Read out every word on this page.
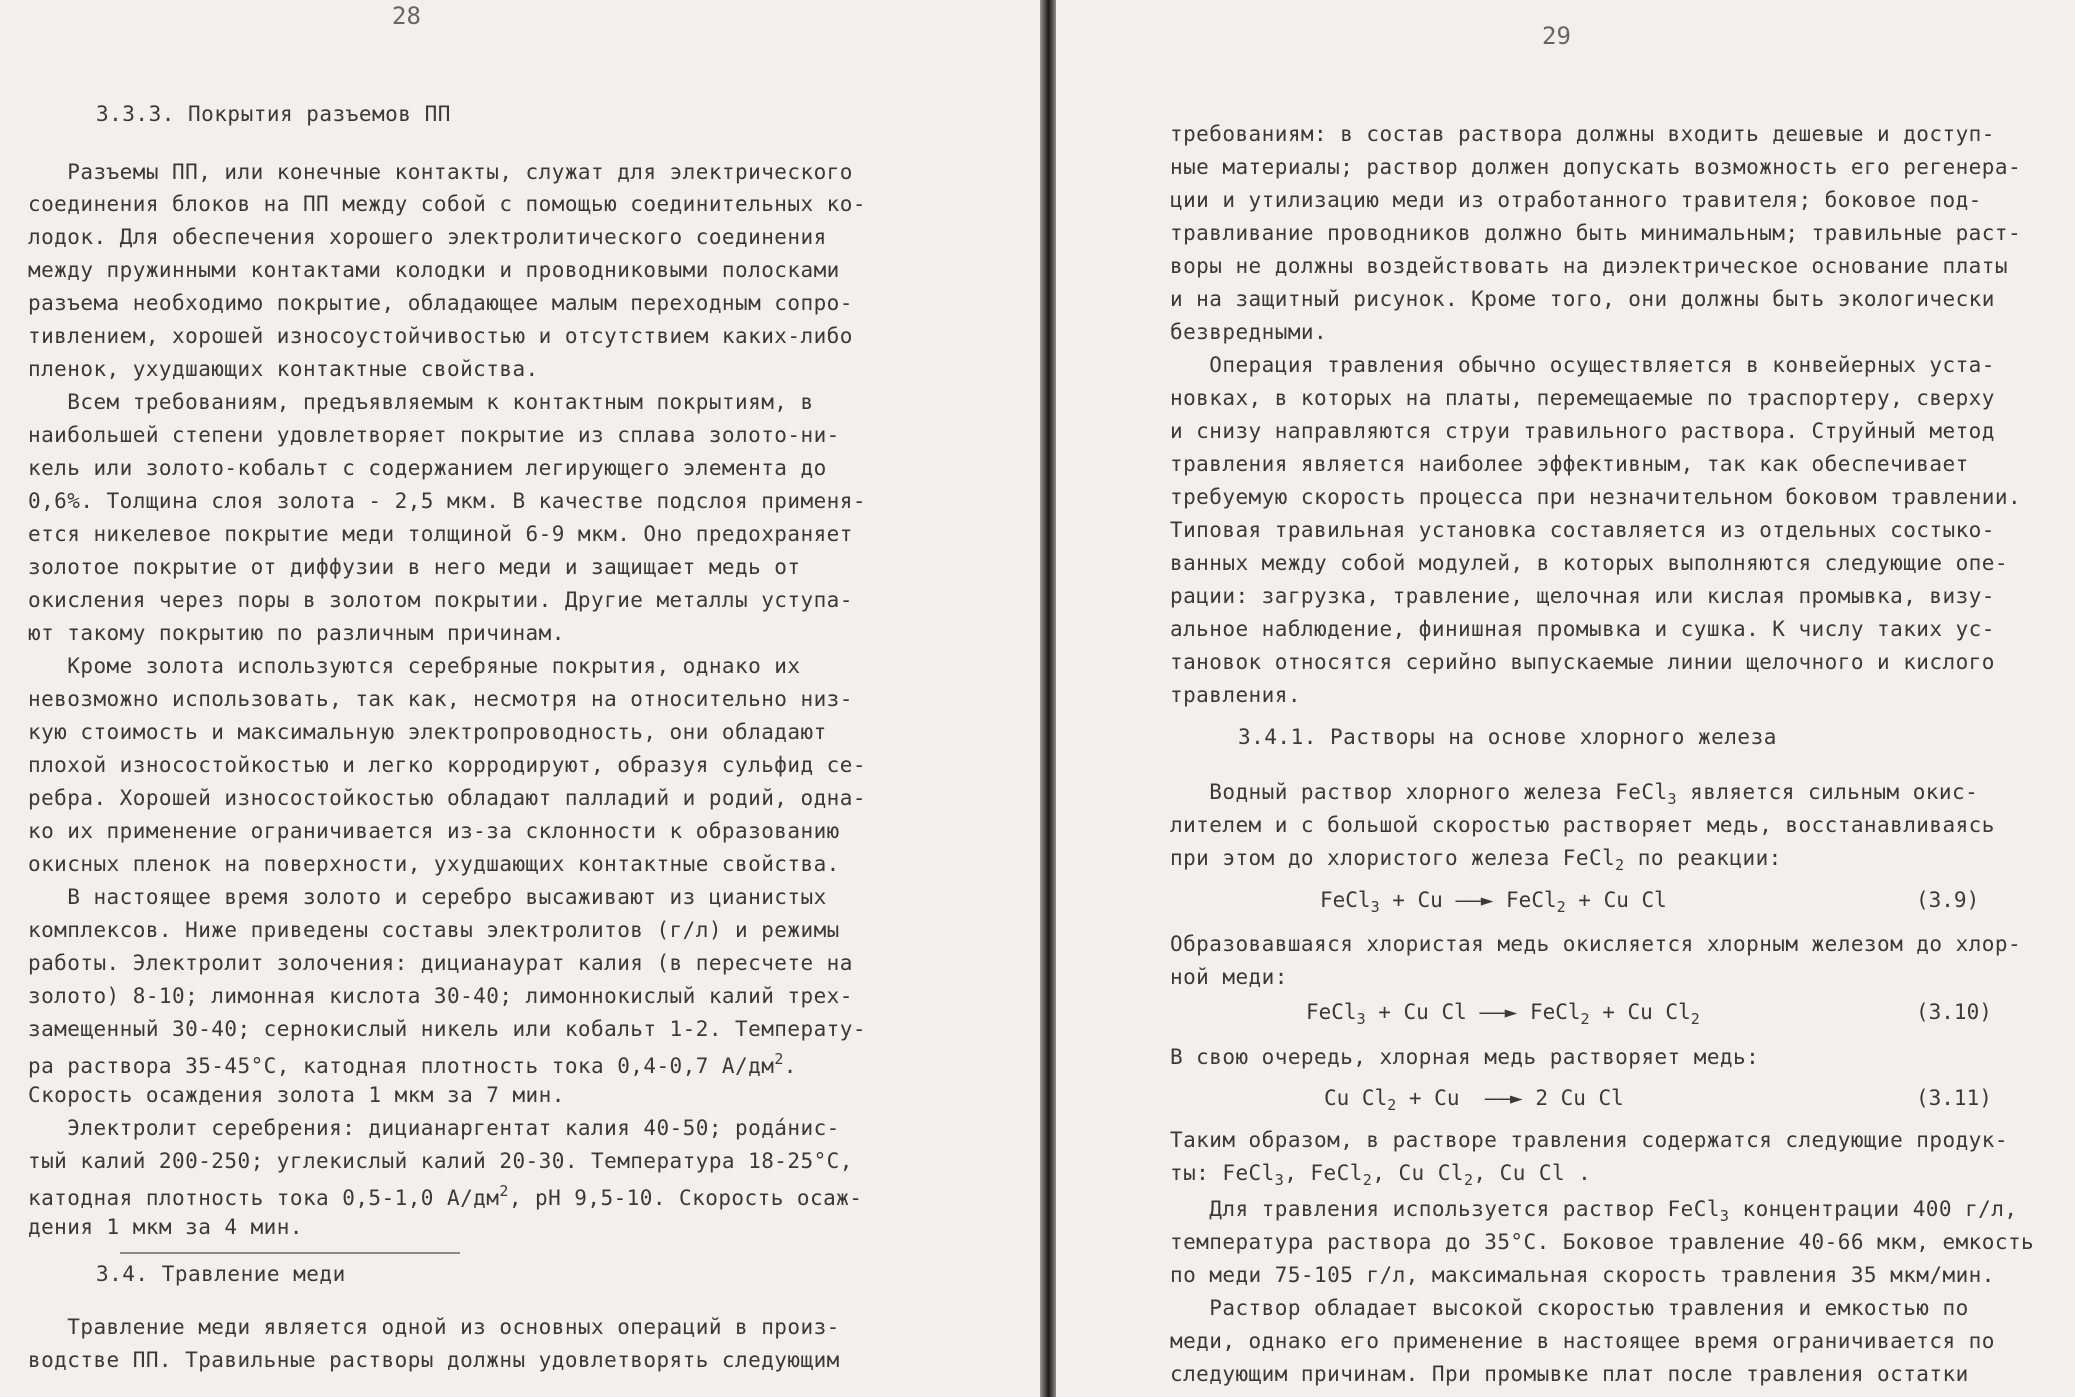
28
3.3.3. Покрытия разъемов ПП
Разъемы ПП, или конечные контакты, служат для электрического
соединения блоков на ПП между собой с помощью соединительных ко-
лодок. Для обеспечения хорошего электролитического соединения
между пружинными контактами колодки и проводниковыми полосками
разъема необходимо покрытие, обладающее малым переходным сопро-
тивлением, хорошей износоустойчивостью и отсутствием каких-либо
пленок, ухудшающих контактные свойства.
Всем требованиям, предъявляемым к контактным покрытиям, в
наибольшей степени удовлетворяет покрытие из сплава золото-ни-
кель или золото-кобальт с содержанием легирующего элемента до
0,6%. Толщина слоя золота - 2,5 мкм. В качестве подслоя применя-
ется никелевое покрытие меди толщиной 6-9 мкм. Оно предохраняет
золотое покрытие от диффузии в него меди и защищает медь от
окисления через поры в золотом покрытии. Другие металлы уступа-
ют такому покрытию по различным причинам.
Кроме золота используются серебряные покрытия, однако их
невозможно использовать, так как, несмотря на относительно низ-
кую стоимость и максимальную электропроводность, они обладают
плохой износостойкостью и легко корродируют, образуя сульфид се-
ребра. Хорошей износостойкостью обладают палладий и родий, одна-
ко их применение ограничивается из-за склонности к образованию
окисных пленок на поверхности, ухудшающих контактные свойства.
В настоящее время золото и серебро высаживают из цианистых
комплексов. Ниже приведены составы электролитов (г/л) и режимы
работы. Электролит золочения: дицианаурат калия (в пересчете на
золото) 8-10; лимонная кислота 30-40; лимоннокислый калий трех-
замещенный 30-40; сернокислый никель или кобальт 1-2. Температу-
ра раствора 35-45°С, катодная плотность тока 0,4-0,7 $А/дм^2$.
Скорость осаждения золота 1 мкм за 7 мин.
Электролит серебрения: дицианаргентат калия 40-50; родáнис-
тый калий 200-250; углекислый калий 20-30. Температура 18-25°С,
катодная плотность тока 0,5-1,0 $А/дм^2$, pH 9,5-10. Скорость осаж-
дения 1 мкм за 4 мин.
3.4. Травление меди
Травление меди является одной из основных операций в произ-
водстве ПП. Травильные растворы должны удовлетворять следующим
29
требованиям: в состав раствора должны входить дешевые и доступ-
ные материалы; раствор должен допускать возможность его регенера-
ции и утилизацию меди из отработанного травителя; боковое под-
травливание проводников должно быть минимальным; травильные раст-
воры не должны воздействовать на диэлектрическое основание платы
и на защитный рисунок. Кроме того, они должны быть экологически
безвредными.
Операция травления обычно осуществляется в конвейерных уста-
новках, в которых на платы, перемещаемые по траспортеру, сверху
и снизу направляются струи травильного раствора. Струйный метод
травления является наиболее эффективным, так как обеспечивает
требуемую скорость процесса при незначительном боковом травлении.
Типовая травильная установка составляется из отдельных состыко-
ванных между собой модулей, в которых выполняются следующие опе-
рации: загрузка, травление, щелочная или кислая промывка, визу-
альное наблюдение, финишная промывка и сушка. К числу таких ус-
тановок относятся серийно выпускаемые линии щелочного и кислого
травления.
3.4.1. Растворы на основе хлорного железа
Водный раствор хлорного железа FeCl$_3$ является сильным окис-
лителем и с большой скоростью растворяет медь, восстанавливаясь
при этом до хлористого железа FeCl$_2$ по реакции:
FeCl$_3$ + Cu ——► FeCl$_2$ + Cu Cl	(3.9)
Образовавшаяся хлористая медь окисляется хлорным железом до хлор-
ной меди:
FeCl$_3$ + Cu Cl ——► FeCl$_2$ + Cu $Cl_2$	(3.10)
В свою очередь, хлорная медь растворяет медь:
Cu $Cl_2 + Cu$  ——► 2 Cu Cl	(3.11)
Таким образом, в растворе травления содержатся следующие продук-
ты: FeCl$_3$, FeCl$_2$, Cu $Cl_2$, Cu Cl .
Для травления используется раствор FeCl$_3$ концентрации 400 г/л,
температура раствора до 35°С. Боковое травление 40-66 мкм, емкость
по меди 75-105 г/л, максимальная скорость травления 35 мкм/мин.
Раствор обладает высокой скоростью травления и емкостью по
меди, однако его применение в настоящее время ограничивается по
следующим причинам. При промывке плат после травления остатки
